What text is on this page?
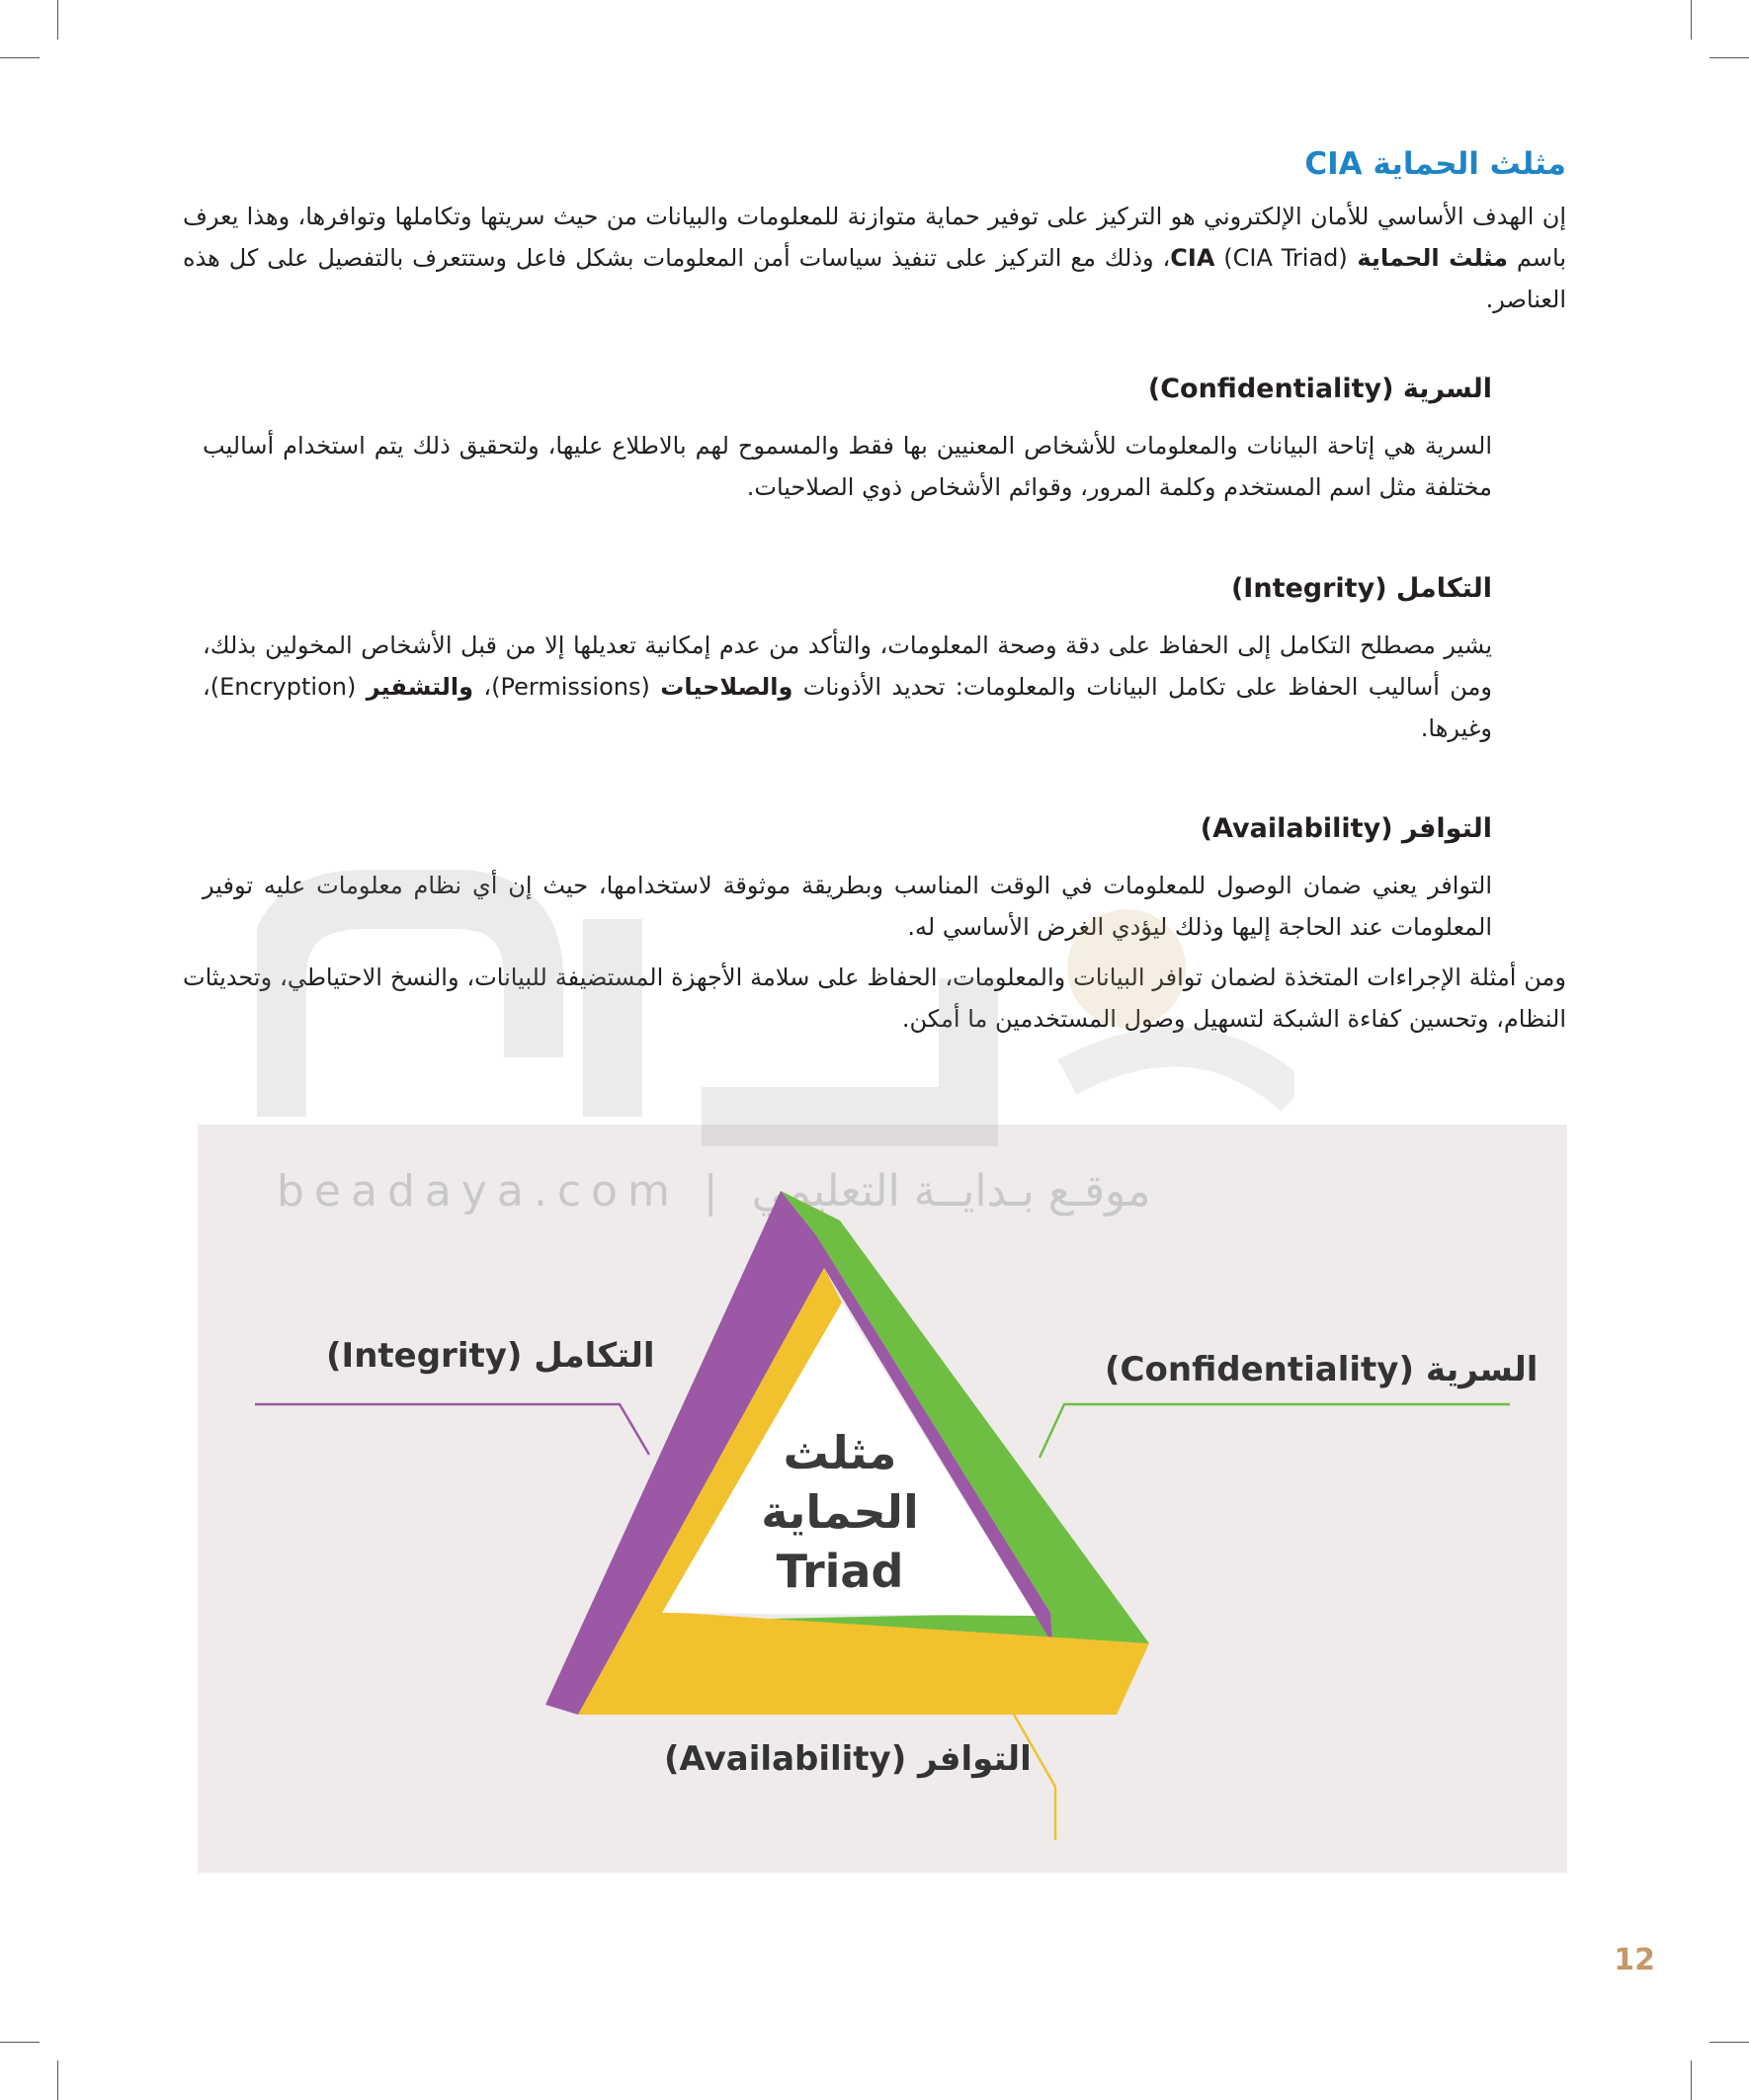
مثلث الحماية CIA

إن الهدف الأساسي للأمان الإلكتروني هو التركيز على توفير حماية متوازنة للمعلومات والبيانات من حيث سريتها وتكاملها وتوافرها، وهذا يعرف باسم مثلث الحماية CIA (CIA Triad)، وذلك مع التركيز على تنفيذ سياسات أمن المعلومات بشكل فاعل وستتعرف بالتفصيل على كل هذه العناصر.

السرية (Confidentiality)

السرية هي إتاحة البيانات والمعلومات للأشخاص المعنيين بها فقط والمسموح لهم بالاطلاع عليها، ولتحقيق ذلك يتم استخدام أساليب مختلفة مثل اسم المستخدم وكلمة المرور، وقوائم الأشخاص ذوي الصلاحيات.

التكامل (Integrity)

يشير مصطلح التكامل إلى الحفاظ على دقة وصحة المعلومات، والتأكد من عدم إمكانية تعديلها إلا من قبل الأشخاص المخولين بذلك، ومن أساليب الحفاظ على تكامل البيانات والمعلومات: تحديد الأذونات والصلاحيات (Permissions)، والتشفير (Encryption)، وغيرها.

التوافر (Availability)

التوافر يعني ضمان الوصول للمعلومات في الوقت المناسب وبطريقة موثوقة لاستخدامها، حيث إن أي نظام معلومات عليه توفير المعلومات عند الحاجة إليها وذلك ليؤدي الغرض الأساسي له.

ومن أمثلة الإجراءات المتخذة لضمان توافر البيانات والمعلومات، الحفاظ على سلامة الأجهزة المستضيفة للبيانات، والنسخ الاحتياطي، وتحديثات النظام، وتحسين كفاءة الشبكة لتسهيل وصول المستخدمين ما أمكن.

beadaya.com | موقـع بـدايــة التعليمي
التكامل (Integrity)	السرية (Confidentiality)
التوافر (Availability)
مثلث
الحماية
Triad
12
